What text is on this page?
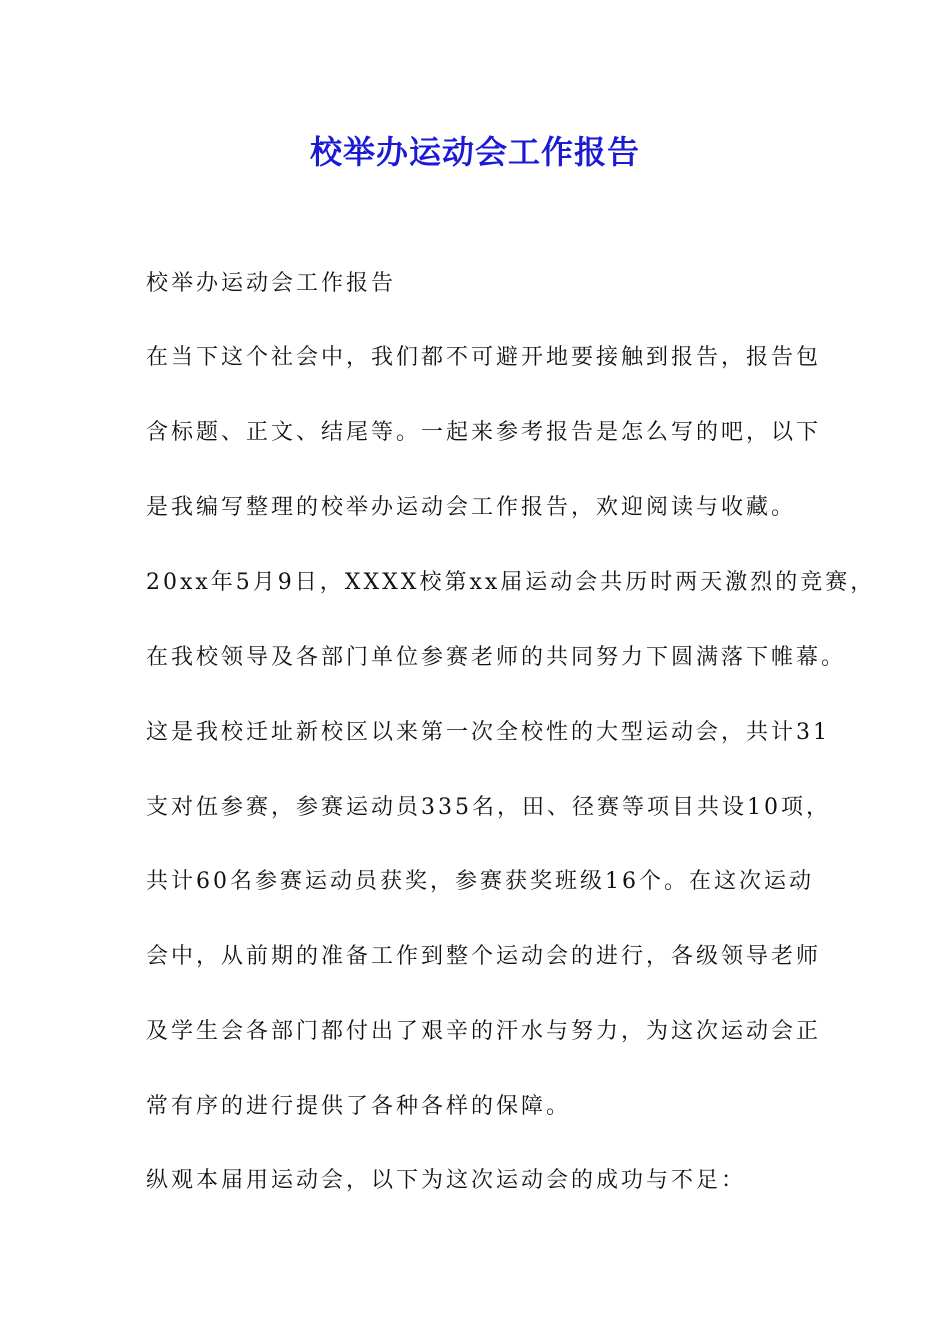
校举办运动会工作报告
校举办运动会工作报告
在当下这个社会中，我们都不可避开地要接触到报告，报告包
含标题、正文、结尾等。一起来参考报告是怎么写的吧，以下
是我编写整理的校举办运动会工作报告，欢迎阅读与收藏。
20xx年5月9日，XXXX校第xx届运动会共历时两天激烈的竞赛，
在我校领导及各部门单位参赛老师的共同努力下圆满落下帷幕。
这是我校迁址新校区以来第一次全校性的大型运动会，共计31
支对伍参赛，参赛运动员335名，田、径赛等项目共设10项，
共计60名参赛运动员获奖，参赛获奖班级16个。在这次运动
会中，从前期的准备工作到整个运动会的进行，各级领导老师
及学生会各部门都付出了艰辛的汗水与努力，为这次运动会正
常有序的进行提供了各种各样的保障。
纵观本届用运动会，以下为这次运动会的成功与不足：
